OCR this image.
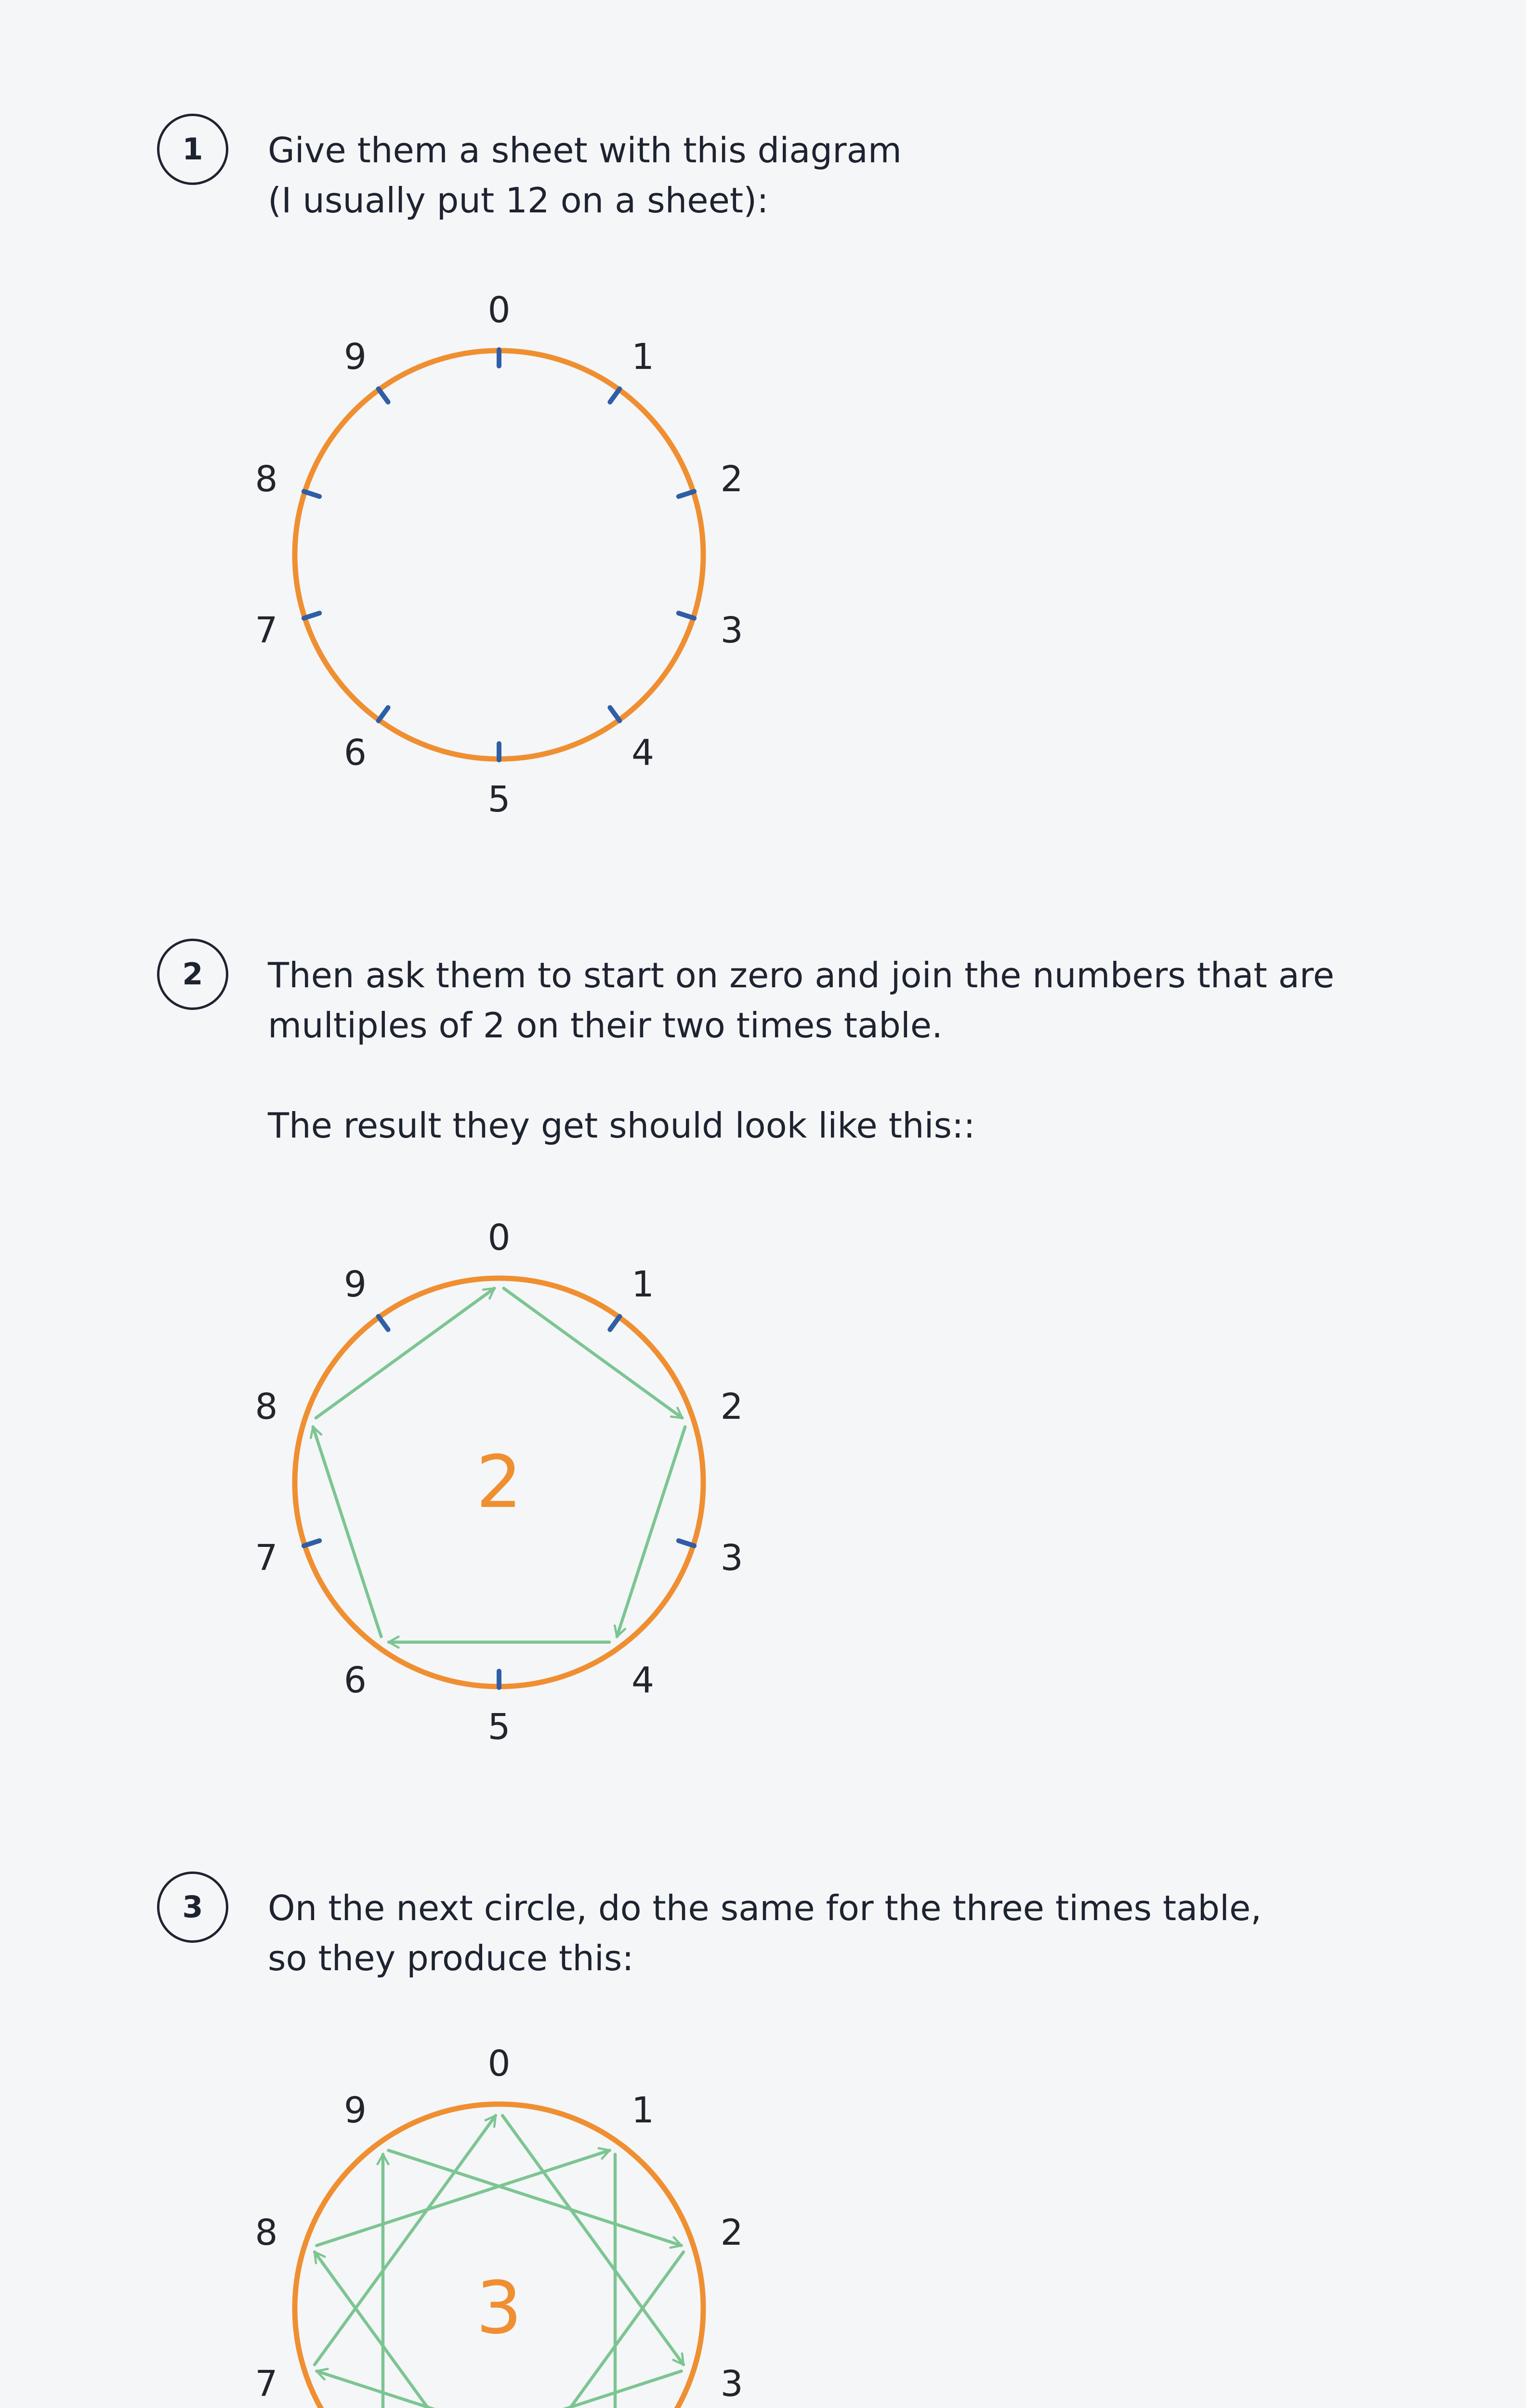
1	Give them a sheet with this diagram
(I usually put 12 on a sheet):

0
1
2
3
4
5
6
7
8
9
2	Then ask them to start on zero and join the numbers that are
multiples of 2 on their two times table.

The result they get should look like this::

0
1
2
3
4
5
6
7
8
9
2
3	On the next circle, do the same for the three times table,
so they produce this:

0
1
2
3
7
8
9
3
